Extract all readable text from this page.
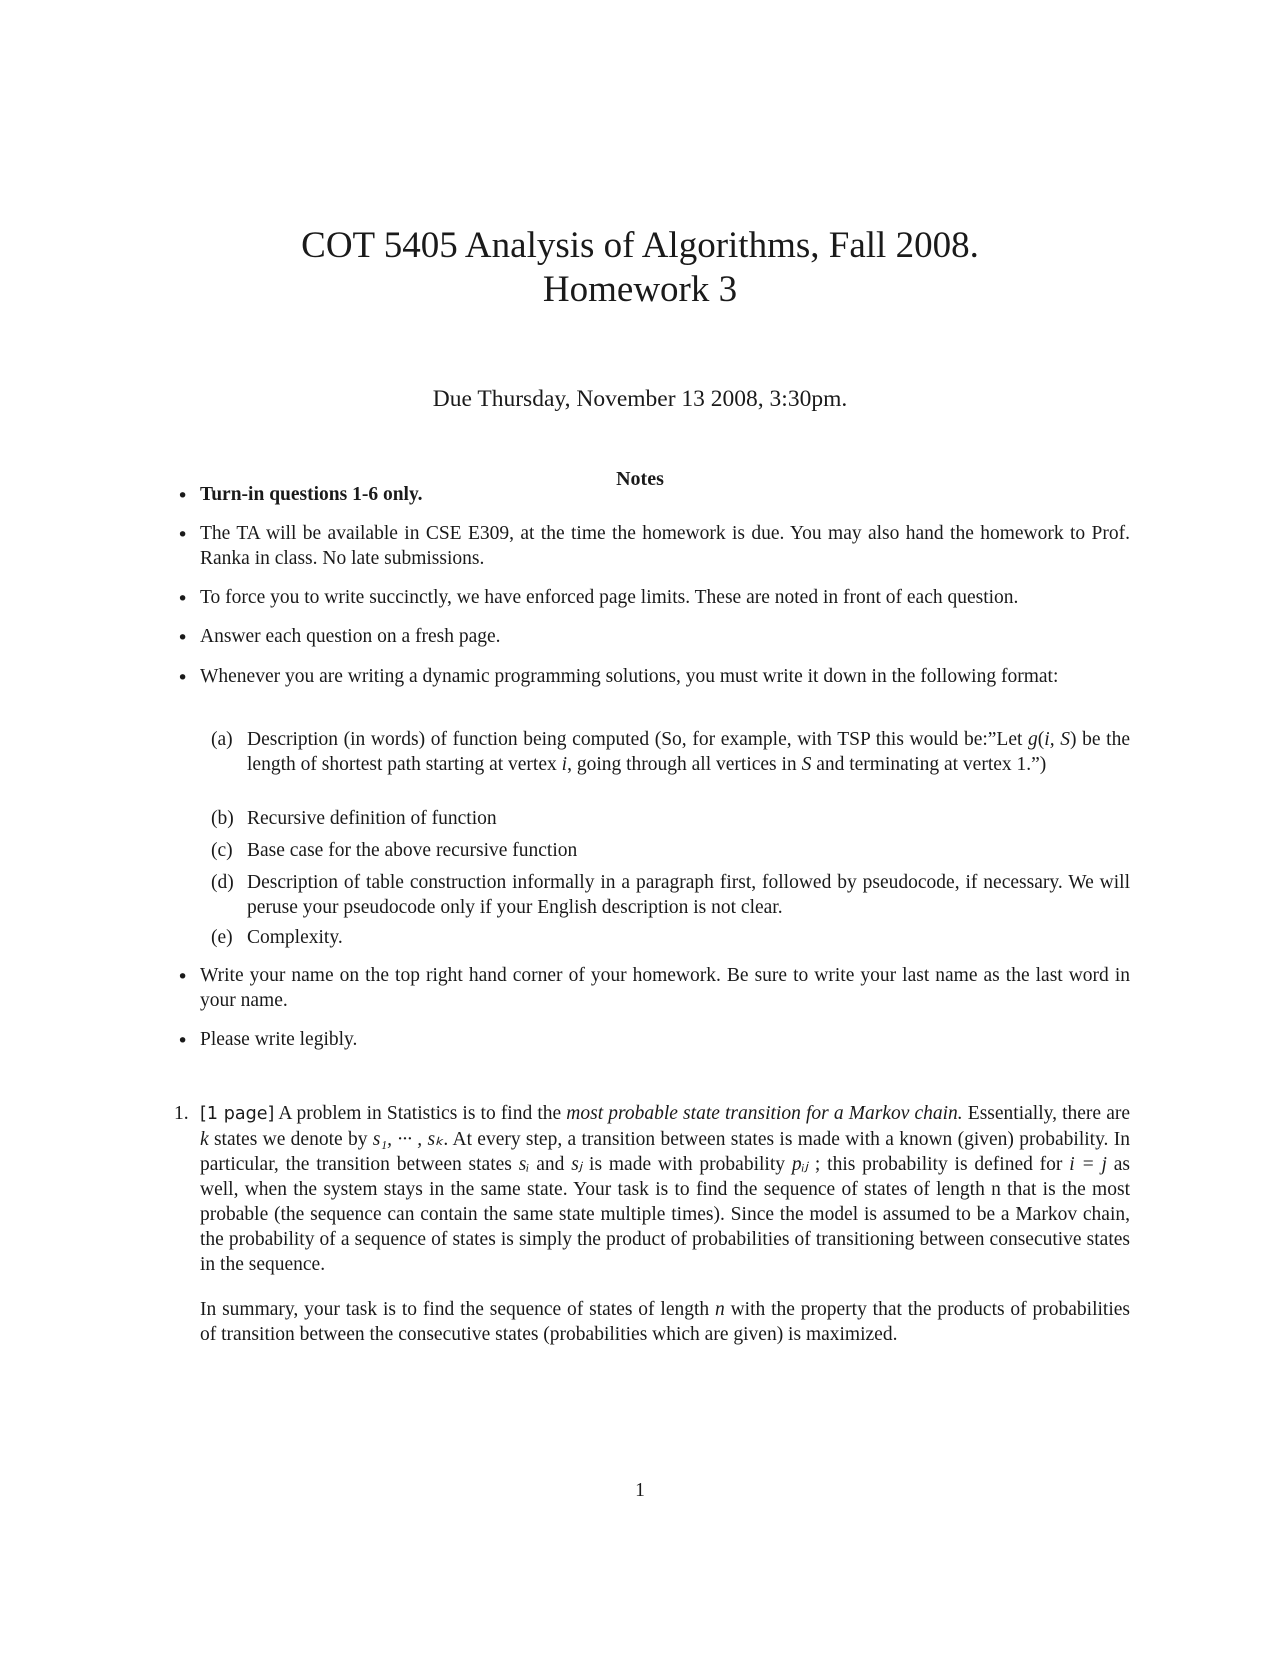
COT 5405 Analysis of Algorithms, Fall 2008.
Homework 3
Due Thursday, November 13 2008, 3:30pm.
Notes
• Turn-in questions 1-6 only.
• The TA will be available in CSE E309, at the time the homework is due. You may also hand the homework to Prof. Ranka in class. No late submissions.
• To force you to write succinctly, we have enforced page limits. These are noted in front of each question.
• Answer each question on a fresh page.
• Whenever you are writing a dynamic programming solutions, you must write it down in the following format:
(a) Description (in words) of function being computed (So, for example, with TSP this would be:”Let g(i, S) be the length of shortest path starting at vertex i, going through all vertices in S and terminating at vertex 1.”)
(b) Recursive definition of function
(c) Base case for the above recursive function
(d) Description of table construction informally in a paragraph first, followed by pseudocode, if necessary. We will peruse your pseudocode only if your English description is not clear.
(e) Complexity.
• Write your name on the top right hand corner of your homework. Be sure to write your last name as the last word in your name.
• Please write legibly.
1. [1 page] A problem in Statistics is to find the most probable state transition for a Markov chain. Essentially, there are k states we denote by s₁, ··· , sₖ. At every step, a transition between states is made with a known (given) probability. In particular, the transition between states sᵢ and sⱼ is made with probability pᵢⱼ ; this probability is defined for i = j as well, when the system stays in the same state. Your task is to find the sequence of states of length n that is the most probable (the sequence can contain the same state multiple times). Since the model is assumed to be a Markov chain, the probability of a sequence of states is simply the product of probabilities of transitioning between consecutive states in the sequence.
In summary, your task is to find the sequence of states of length n with the property that the products of probabilities of transition between the consecutive states (probabilities which are given) is maximized.
1
